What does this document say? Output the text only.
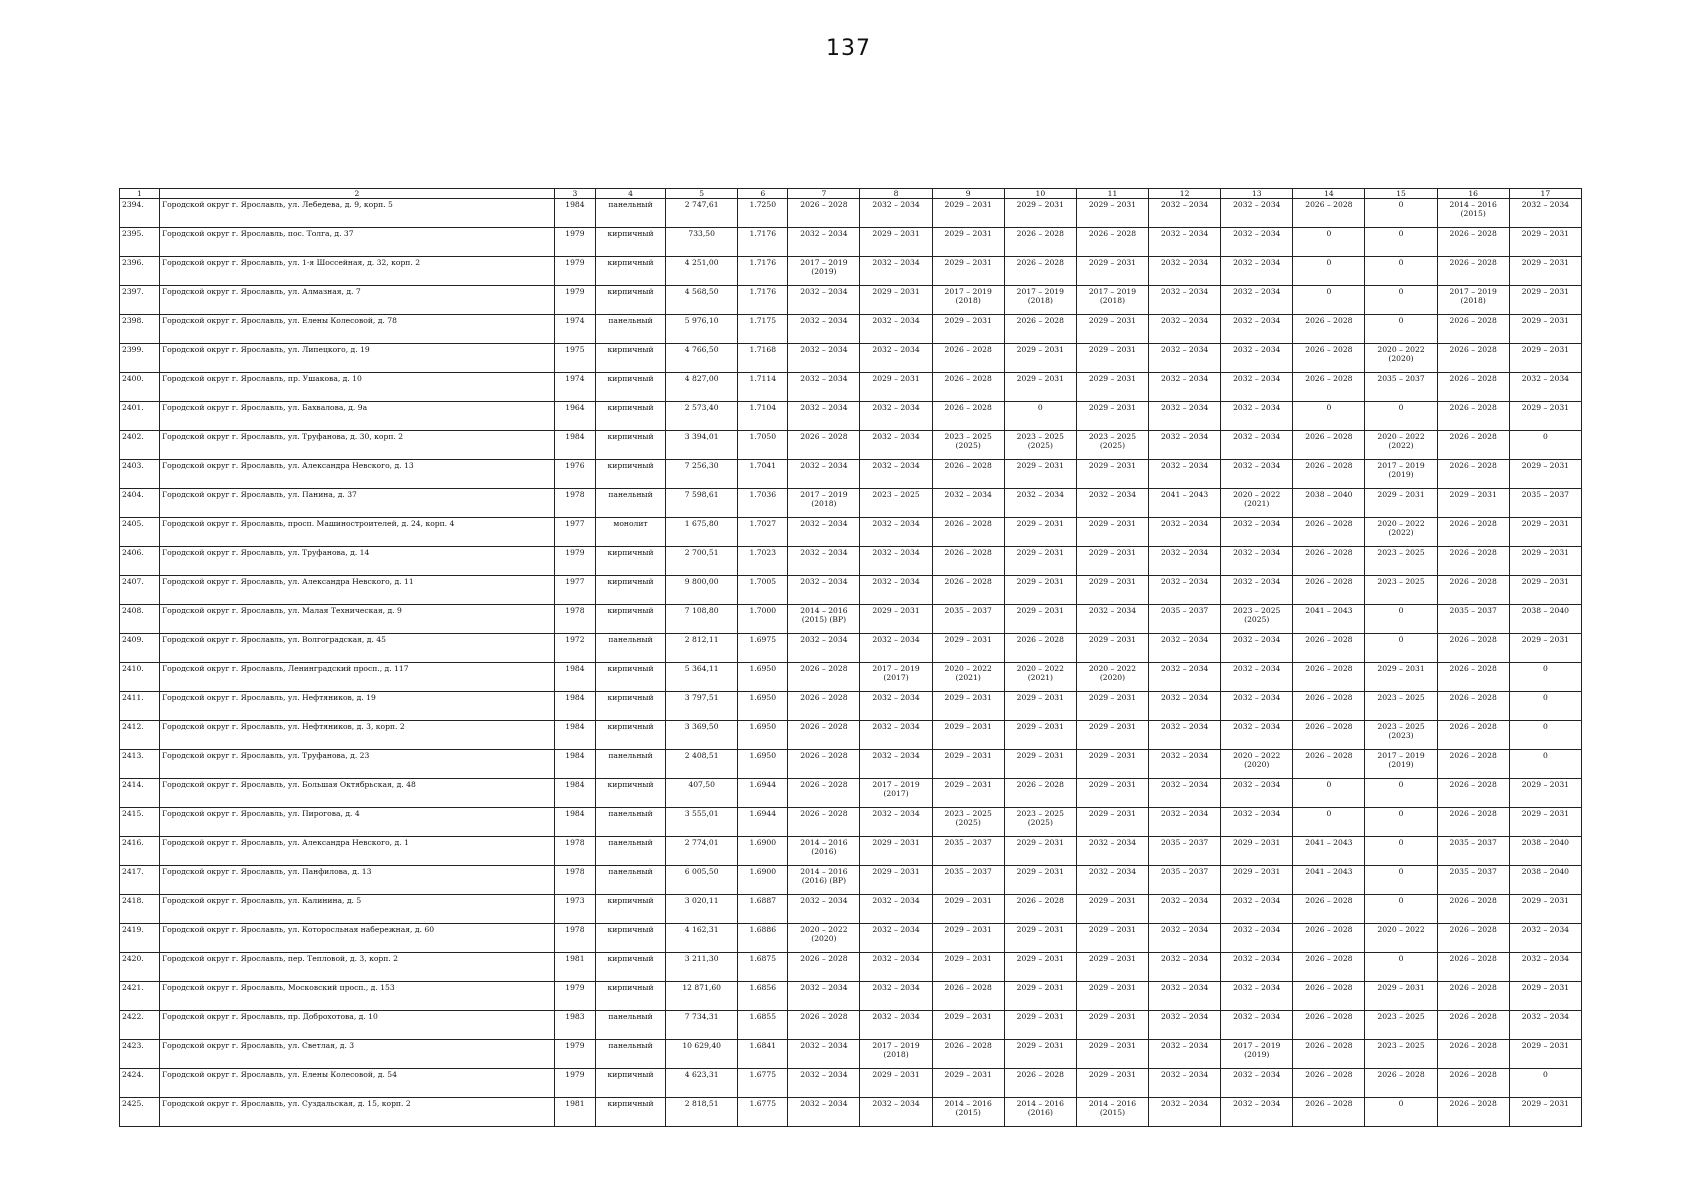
137
1	2	3	4	5	6	7	8	9	10	11	12	13	14	15	16	17
2394.	Городской округ г. Ярославль, ул. Лебедева, д. 9, корп. 5	1984	панельный	2 747,61	1.7250	2026 – 2028	2032 – 2034	2029 – 2031	2029 – 2031	2029 – 2031	2032 – 2034	2032 – 2034	2026 – 2028	0	2014 – 2016 (2015)	2032 – 2034
2395.	Городской округ г. Ярославль, пос. Толга, д. 37	1979	кирпичный	733,50	1.7176	2032 – 2034	2029 – 2031	2029 – 2031	2026 – 2028	2026 – 2028	2032 – 2034	2032 – 2034	0	0	2026 – 2028	2029 – 2031
2396.	Городской округ г. Ярославль, ул. 1-я Шоссейная, д. 32, корп. 2	1979	кирпичный	4 251,00	1.7176	2017 – 2019 (2019)	2032 – 2034	2029 – 2031	2026 – 2028	2029 – 2031	2032 – 2034	2032 – 2034	0	0	2026 – 2028	2029 – 2031
2397.	Городской округ г. Ярославль, ул. Алмазная, д. 7	1979	кирпичный	4 568,50	1.7176	2032 – 2034	2029 – 2031	2017 – 2019 (2018)	2017 – 2019 (2018)	2017 – 2019 (2018)	2032 – 2034	2032 – 2034	0	0	2017 – 2019 (2018)	2029 – 2031
2398.	Городской округ г. Ярославль, ул. Елены Колесовой, д. 78	1974	панельный	5 976,10	1.7175	2032 – 2034	2032 – 2034	2029 – 2031	2026 – 2028	2029 – 2031	2032 – 2034	2032 – 2034	2026 – 2028	0	2026 – 2028	2029 – 2031
2399.	Городской округ г. Ярославль, ул. Липецкого, д. 19	1975	кирпичный	4 766,50	1.7168	2032 – 2034	2032 – 2034	2026 – 2028	2029 – 2031	2029 – 2031	2032 – 2034	2032 – 2034	2026 – 2028	2020 – 2022 (2020)	2026 – 2028	2029 – 2031
2400.	Городской округ г. Ярославль, пр. Ушакова, д. 10	1974	кирпичный	4 827,00	1.7114	2032 – 2034	2029 – 2031	2026 – 2028	2029 – 2031	2029 – 2031	2032 – 2034	2032 – 2034	2026 – 2028	2035 – 2037	2026 – 2028	2032 – 2034
2401.	Городской округ г. Ярославль, ул. Бахвалова, д. 9а	1964	кирпичный	2 573,40	1.7104	2032 – 2034	2032 – 2034	2026 – 2028	0	2029 – 2031	2032 – 2034	2032 – 2034	0	0	2026 – 2028	2029 – 2031
2402.	Городской округ г. Ярославль, ул. Труфанова, д. 30, корп. 2	1984	кирпичный	3 394,01	1.7050	2026 – 2028	2032 – 2034	2023 – 2025 (2025)	2023 – 2025 (2025)	2023 – 2025 (2025)	2032 – 2034	2032 – 2034	2026 – 2028	2020 – 2022 (2022)	2026 – 2028	0
2403.	Городской округ г. Ярославль, ул. Александра Невского, д. 13	1976	кирпичный	7 256,30	1.7041	2032 – 2034	2032 – 2034	2026 – 2028	2029 – 2031	2029 – 2031	2032 – 2034	2032 – 2034	2026 – 2028	2017 – 2019 (2019)	2026 – 2028	2029 – 2031
2404.	Городской округ г. Ярославль, ул. Панина, д. 37	1978	панельный	7 598,61	1.7036	2017 – 2019 (2018)	2023 – 2025	2032 – 2034	2032 – 2034	2032 – 2034	2041 – 2043	2020 – 2022 (2021)	2038 – 2040	2029 – 2031	2029 – 2031	2035 – 2037
2405.	Городской округ г. Ярославль, просп. Машиностроителей, д. 24, корп. 4	1977	монолит	1 675,80	1.7027	2032 – 2034	2032 – 2034	2026 – 2028	2029 – 2031	2029 – 2031	2032 – 2034	2032 – 2034	2026 – 2028	2020 – 2022 (2022)	2026 – 2028	2029 – 2031
2406.	Городской округ г. Ярославль, ул. Труфанова, д. 14	1979	кирпичный	2 700,51	1.7023	2032 – 2034	2032 – 2034	2026 – 2028	2029 – 2031	2029 – 2031	2032 – 2034	2032 – 2034	2026 – 2028	2023 – 2025	2026 – 2028	2029 – 2031
2407.	Городской округ г. Ярославль, ул. Александра Невского, д. 11	1977	кирпичный	9 800,00	1.7005	2032 – 2034	2032 – 2034	2026 – 2028	2029 – 2031	2029 – 2031	2032 – 2034	2032 – 2034	2026 – 2028	2023 – 2025	2026 – 2028	2029 – 2031
2408.	Городской округ г. Ярославль, ул. Малая Техническая, д. 9	1978	кирпичный	7 108,80	1.7000	2014 – 2016 (2015) (ВР)	2029 – 2031	2035 – 2037	2029 – 2031	2032 – 2034	2035 – 2037	2023 – 2025 (2025)	2041 – 2043	0	2035 – 2037	2038 – 2040
2409.	Городской округ г. Ярославль, ул. Волгоградская, д. 45	1972	панельный	2 812,11	1.6975	2032 – 2034	2032 – 2034	2029 – 2031	2026 – 2028	2029 – 2031	2032 – 2034	2032 – 2034	2026 – 2028	0	2026 – 2028	2029 – 2031
2410.	Городской округ г. Ярославль, Ленинградский просп., д. 117	1984	кирпичный	5 364,11	1.6950	2026 – 2028	2017 – 2019 (2017)	2020 – 2022 (2021)	2020 – 2022 (2021)	2020 – 2022 (2020)	2032 – 2034	2032 – 2034	2026 – 2028	2029 – 2031	2026 – 2028	0
2411.	Городской округ г. Ярославль, ул. Нефтяников, д. 19	1984	кирпичный	3 797,51	1.6950	2026 – 2028	2032 – 2034	2029 – 2031	2029 – 2031	2029 – 2031	2032 – 2034	2032 – 2034	2026 – 2028	2023 – 2025	2026 – 2028	0
2412.	Городской округ г. Ярославль, ул. Нефтяников, д. 3, корп. 2	1984	кирпичный	3 369,50	1.6950	2026 – 2028	2032 – 2034	2029 – 2031	2029 – 2031	2029 – 2031	2032 – 2034	2032 – 2034	2026 – 2028	2023 – 2025 (2023)	2026 – 2028	0
2413.	Городской округ г. Ярославль, ул. Труфанова, д. 23	1984	панельный	2 408,51	1.6950	2026 – 2028	2032 – 2034	2029 – 2031	2029 – 2031	2029 – 2031	2032 – 2034	2020 – 2022 (2020)	2026 – 2028	2017 – 2019 (2019)	2026 – 2028	0
2414.	Городской округ г. Ярославль, ул. Большая Октябрьская, д. 48	1984	кирпичный	407,50	1.6944	2026 – 2028	2017 – 2019 (2017)	2029 – 2031	2026 – 2028	2029 – 2031	2032 – 2034	2032 – 2034	0	0	2026 – 2028	2029 – 2031
2415.	Городской округ г. Ярославль, ул. Пирогова, д. 4	1984	панельный	3 555,01	1.6944	2026 – 2028	2032 – 2034	2023 – 2025 (2025)	2023 – 2025 (2025)	2029 – 2031	2032 – 2034	2032 – 2034	0	0	2026 – 2028	2029 – 2031
2416.	Городской округ г. Ярославль, ул. Александра Невского, д. 1	1978	панельный	2 774,01	1.6900	2014 – 2016 (2016)	2029 – 2031	2035 – 2037	2029 – 2031	2032 – 2034	2035 – 2037	2029 – 2031	2041 – 2043	0	2035 – 2037	2038 – 2040
2417.	Городской округ г. Ярославль, ул. Панфилова, д. 13	1978	панельный	6 005,50	1.6900	2014 – 2016 (2016) (ВР)	2029 – 2031	2035 – 2037	2029 – 2031	2032 – 2034	2035 – 2037	2029 – 2031	2041 – 2043	0	2035 – 2037	2038 – 2040
2418.	Городской округ г. Ярославль, ул. Калинина, д. 5	1973	кирпичный	3 020,11	1.6887	2032 – 2034	2032 – 2034	2029 – 2031	2026 – 2028	2029 – 2031	2032 – 2034	2032 – 2034	2026 – 2028	0	2026 – 2028	2029 – 2031
2419.	Городской округ г. Ярославль, ул. Которосльная набережная, д. 60	1978	кирпичный	4 162,31	1.6886	2020 – 2022 (2020)	2032 – 2034	2029 – 2031	2029 – 2031	2029 – 2031	2032 – 2034	2032 – 2034	2026 – 2028	2020 – 2022	2026 – 2028	2032 – 2034
2420.	Городской округ г. Ярославль, пер. Тепловой, д. 3, корп. 2	1981	кирпичный	3 211,30	1.6875	2026 – 2028	2032 – 2034	2029 – 2031	2029 – 2031	2029 – 2031	2032 – 2034	2032 – 2034	2026 – 2028	0	2026 – 2028	2032 – 2034
2421.	Городской округ г. Ярославль, Московский просп., д. 153	1979	кирпичный	12 871,60	1.6856	2032 – 2034	2032 – 2034	2026 – 2028	2029 – 2031	2029 – 2031	2032 – 2034	2032 – 2034	2026 – 2028	2029 – 2031	2026 – 2028	2029 – 2031
2422.	Городской округ г. Ярославль, пр. Доброхотова, д. 10	1983	панельный	7 734,31	1.6855	2026 – 2028	2032 – 2034	2029 – 2031	2029 – 2031	2029 – 2031	2032 – 2034	2032 – 2034	2026 – 2028	2023 – 2025	2026 – 2028	2032 – 2034
2423.	Городской округ г. Ярославль, ул. Светлая, д. 3	1979	панельный	10 629,40	1.6841	2032 – 2034	2017 – 2019 (2018)	2026 – 2028	2029 – 2031	2029 – 2031	2032 – 2034	2017 – 2019 (2019)	2026 – 2028	2023 – 2025	2026 – 2028	2029 – 2031
2424.	Городской округ г. Ярославль, ул. Елены Колесовой, д. 54	1979	кирпичный	4 623,31	1.6775	2032 – 2034	2029 – 2031	2029 – 2031	2026 – 2028	2029 – 2031	2032 – 2034	2032 – 2034	2026 – 2028	2026 – 2028	2026 – 2028	0
2425.	Городской округ г. Ярославль, ул. Суздальская, д. 15, корп. 2	1981	кирпичный	2 818,51	1.6775	2032 – 2034	2032 – 2034	2014 – 2016 (2015)	2014 – 2016 (2016)	2014 – 2016 (2015)	2032 – 2034	2032 – 2034	2026 – 2028	0	2026 – 2028	2029 – 2031
